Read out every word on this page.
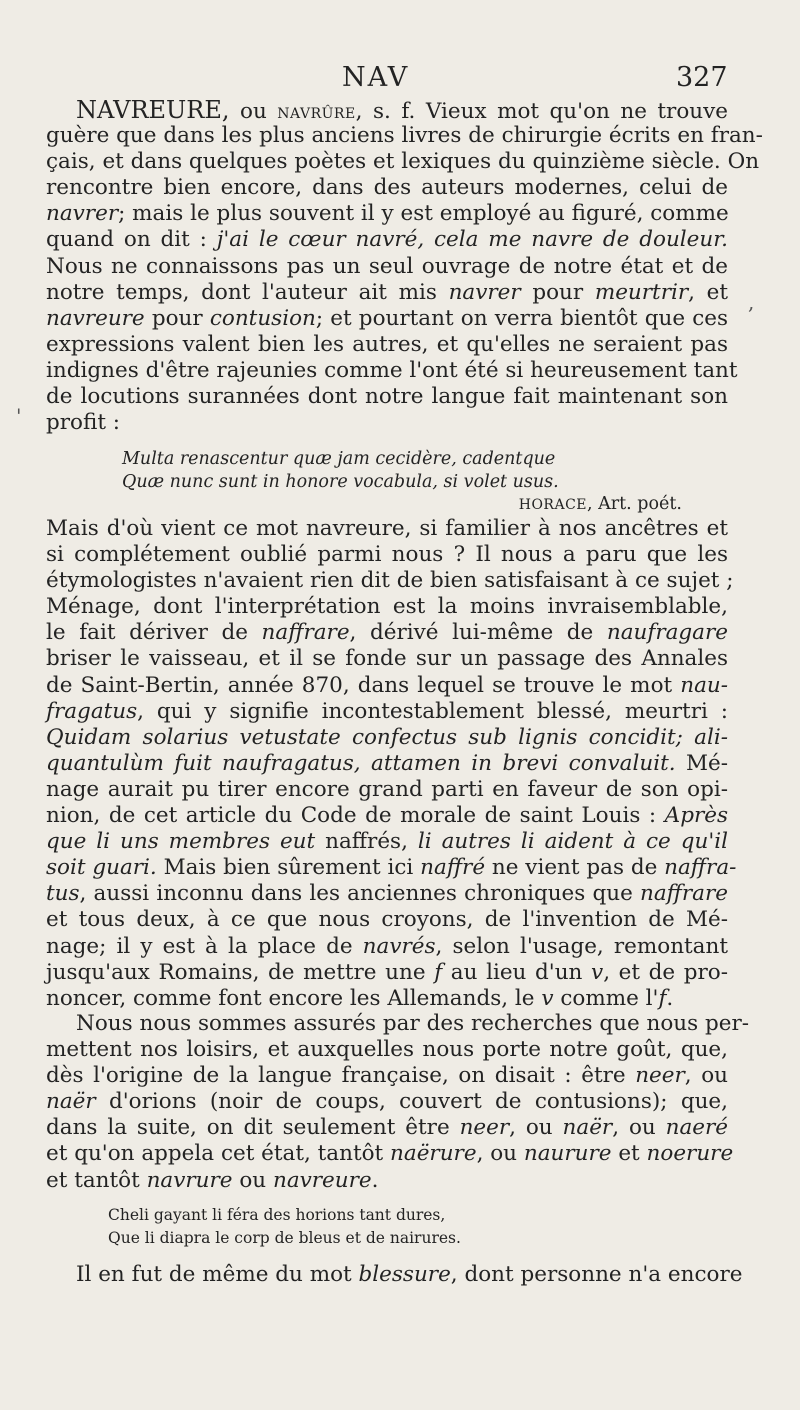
NAV	327
,
'
NAVREURE, ou NAVRÛRE, s. f. Vieux mot qu'on ne trouve
guère que dans les plus anciens livres de chirurgie écrits en fran-
çais, et dans quelques poètes et lexiques du quinzième siècle. On
rencontre bien encore, dans des auteurs modernes, celui de
navrer; mais le plus souvent il y est employé au figuré, comme
quand on dit : j'ai le cœur navré, cela me navre de douleur.
Nous ne connaissons pas un seul ouvrage de notre état et de
notre temps, dont l'auteur ait mis navrer pour meurtrir, et
navreure pour contusion; et pourtant on verra bientôt que ces
expressions valent bien les autres, et qu'elles ne seraient pas
indignes d'être rajeunies comme l'ont été si heureusement tant
de locutions surannées dont notre langue fait maintenant son
profit :
Multa renascentur quæ jam cecidère, cadentque
Quæ nunc sunt in honore vocabula, si volet usus.
HORACE, Art. poét.
Mais d'où vient ce mot navreure, si familier à nos ancêtres et
si complétement oublié parmi nous ? Il nous a paru que les
étymologistes n'avaient rien dit de bien satisfaisant à ce sujet ;
Ménage, dont l'interprétation est la moins invraisemblable,
le fait dériver de naffrare, dérivé lui-même de naufragare
briser le vaisseau, et il se fonde sur un passage des Annales
de Saint-Bertin, année 870, dans lequel se trouve le mot nau-
fragatus, qui y signifie incontestablement blessé, meurtri :
Quidam solarius vetustate confectus sub lignis concidit; ali-
quantulùm fuit naufragatus, attamen in brevi convaluit. Mé-
nage aurait pu tirer encore grand parti en faveur de son opi-
nion, de cet article du Code de morale de saint Louis : Après
que li uns membres eut naffrés, li autres li aident à ce qu'il
soit guari. Mais bien sûrement ici naffré ne vient pas de naffra-
tus, aussi inconnu dans les anciennes chroniques que naffrare
et tous deux, à ce que nous croyons, de l'invention de Mé-
nage; il y est à la place de navrés, selon l'usage, remontant
jusqu'aux Romains, de mettre une f au lieu d'un v, et de pro-
noncer, comme font encore les Allemands, le v comme l'f.
Nous nous sommes assurés par des recherches que nous per-
mettent nos loisirs, et auxquelles nous porte notre goût, que,
dès l'origine de la langue française, on disait : être neer, ou
naër d'orions (noir de coups, couvert de contusions); que,
dans la suite, on dit seulement être neer, ou naër, ou naeré
et qu'on appela cet état, tantôt naërure, ou naurure et noerure
et tantôt navrure ou navreure.
Cheli gayant li féra des horions tant dures,
Que li diapra le corp de bleus et de nairures.
Il en fut de même du mot blessure, dont personne n'a encore
